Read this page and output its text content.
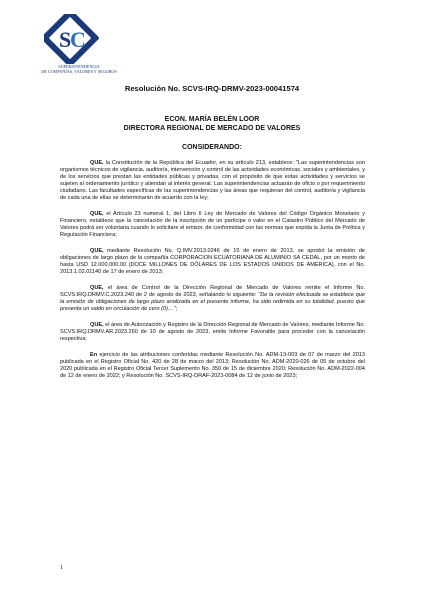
S
C
SUPERINTENDENCIA
DE COMPAÑÍAS, VALORES Y SEGUROS
Resolución No. SCVS-IRQ-DRMV-2023-00041574
ECON. MARÍA BELÉN LOOR
DIRECTORA REGIONAL DE MERCADO DE VALORES
CONSIDERANDO:

QUE, la Constitución de la República del Ecuador, en su artículo 213, establece: "Las superintendencias son organismos técnicos de vigilancia, auditoría, intervención y control de las actividades económicas, sociales y ambientales, y de los servicios que prestan las entidades públicas y privadas, con el propósito de que estas actividades y servicios se sujeten al ordenamiento jurídico y atiendan al interés general. Las superintendencias actuarán de oficio o por requerimiento ciudadano. Las facultades específicas de las superintendencias y las áreas que requieran del control, auditoría y vigilancia de cada una de ellas se determinarán de acuerdo con la ley;

QUE, el Artículo 23 numeral 1, del Libro II Ley de Mercado de Valores del Código Orgánico Monetario y Financiero, establece que la cancelación de la inscripción de un partícipe o valor en el Catastro Público del Mercado de Valores podrá ser voluntaria cuando lo solicitare el emisor, de conformidad con las normas que expida la Junta de Política y Regulación Financiera;

QUE, mediante Resolución No. Q.IMV.2013.0246 de 15 de enero de 2013, se aprobó la emisión de obligaciones de largo plazo de la compañía CORPORACION ECUATORIANA DE ALUMINIO SA CEDAL, por un monto de hasta USD 12.000.000.00 (DOCE MILLONES DE DÓLARES DE LOS ESTADOS UNIDOS DE AMÉRICA), con el No. 2013.1.02.01140 de 17 de enero de 2013;

QUE, el área de Control de la Dirección Regional de Mercado de Valores remite el Informe No. SCVS.IRQ.DRMV.C.2023.240 de 2 de agosto de 2023, señalando lo siguiente: "De la revisión efectuada se establece que la emisión de obligaciones de largo plazo analizada en el presente informe, ha sido redimida en su totalidad, puesto que presenta un saldo en circulación de cero (0)…";

QUE, el área de Autorización y Registro de la Dirección Regional de Mercado de Valores, mediante Informe No. SCVS.IRQ.DRMV.AR.2023.260 de 10 de agosto de 2023, emite Informe Favorable para proceder con la cancelación respectiva;

En ejercicio de las atribuciones conferidas mediante Resolución No. ADM-13-003 de 07 de marzo del 2013 publicada en el Registro Oficial No. 420 de 28 de marzo del 2013; Resolución No. ADM-2020-026 de 05 de octubre del 2020 publicada en el Registro Oficial Tercer Suplemento No. 350 de 15 de diciembre 2020; Resolución No. ADM-2022-004 de 12 de enero de 2022; y Resolución No. SCVS-IRQ-DRAF-2023-0084 de 12 de junio de 2023;

1
